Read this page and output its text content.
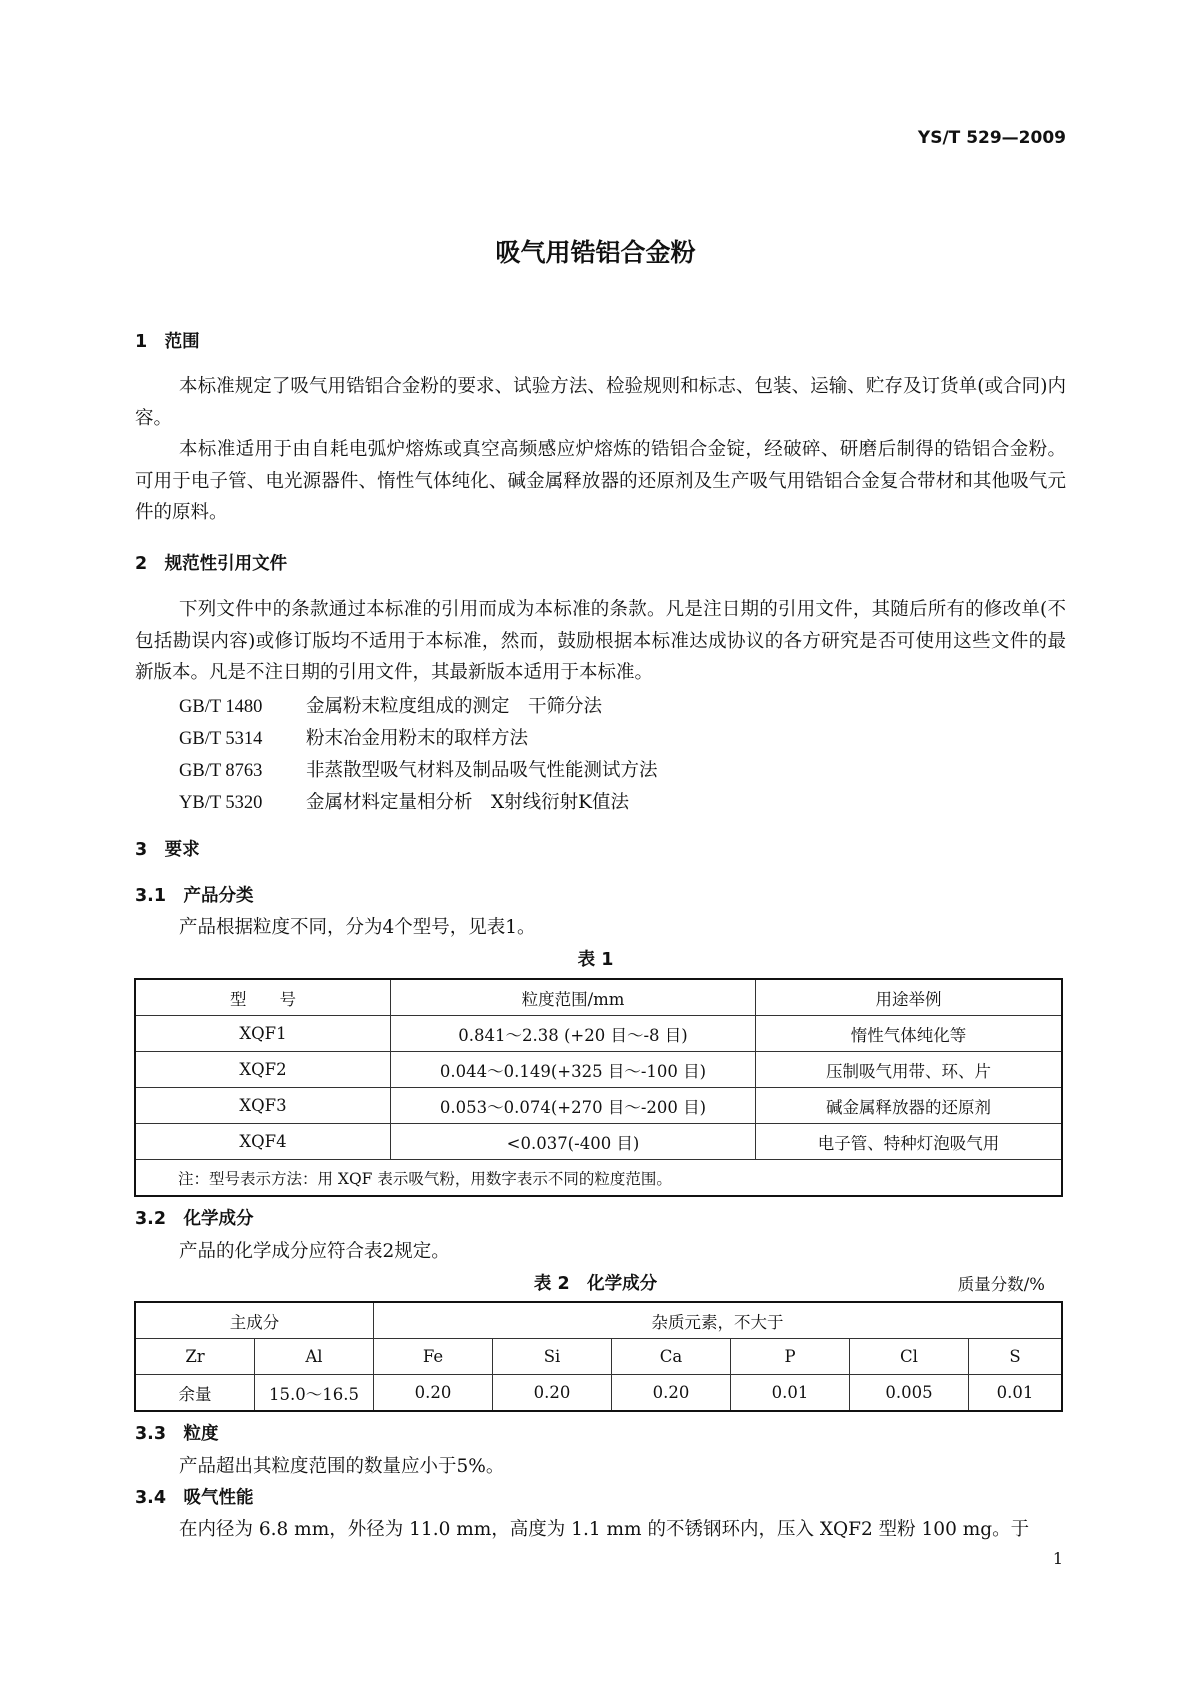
YS/T 529—2009
吸气用锆铝合金粉
1　范围
本标准规定了吸气用锆铝合金粉的要求、试验方法、检验规则和标志、包装、运输、贮存及订货单(或合同)内容。
本标准适用于由自耗电弧炉熔炼或真空高频感应炉熔炼的锆铝合金锭，经破碎、研磨后制得的锆铝合金粉。可用于电子管、电光源器件、惰性气体纯化、碱金属释放器的还原剂及生产吸气用锆铝合金复合带材和其他吸气元件的原料。
2　规范性引用文件
下列文件中的条款通过本标准的引用而成为本标准的条款。凡是注日期的引用文件，其随后所有的修改单(不包括勘误内容)或修订版均不适用于本标准，然而，鼓励根据本标准达成协议的各方研究是否可使用这些文件的最新版本。凡是不注日期的引用文件，其最新版本适用于本标准。
GB/T 1480 金属粉末粒度组成的测定　干筛分法
GB/T 5314 粉末冶金用粉末的取样方法
GB/T 8763 非蒸散型吸气材料及制品吸气性能测试方法
YB/T 5320 金属材料定量相分析　X射线衍射K值法
3　要求
3.1　产品分类
产品根据粒度不同，分为4个型号，见表1。
表 1
型　　号	粒度范围/mm	用途举例
XQF1	0.841～2.38 (+20 目～-8 目)	惰性气体纯化等
XQF2	0.044～0.149(+325 目～-100 目)	压制吸气用带、环、片
XQF3	0.053～0.074(+270 目～-200 目)	碱金属释放器的还原剂
XQF4	<0.037(-400 目)	电子管、特种灯泡吸气用
注：型号表示方法：用 XQF 表示吸气粉，用数字表示不同的粒度范围。		
3.2　化学成分
产品的化学成分应符合表2规定。
表 2　化学成分	质量分数/%
主成分		杂质元素，不大于					
Zr	Al	Fe	Si	Ca	P	Cl	S
余量	15.0～16.5	0.20	0.20	0.20	0.01	0.005	0.01
3.3　粒度
产品超出其粒度范围的数量应小于5%。
3.4　吸气性能
在内径为 6.8 mm，外径为 11.0 mm，高度为 1.1 mm 的不锈钢环内，压入 XQF2 型粉 100 mg。于
1
